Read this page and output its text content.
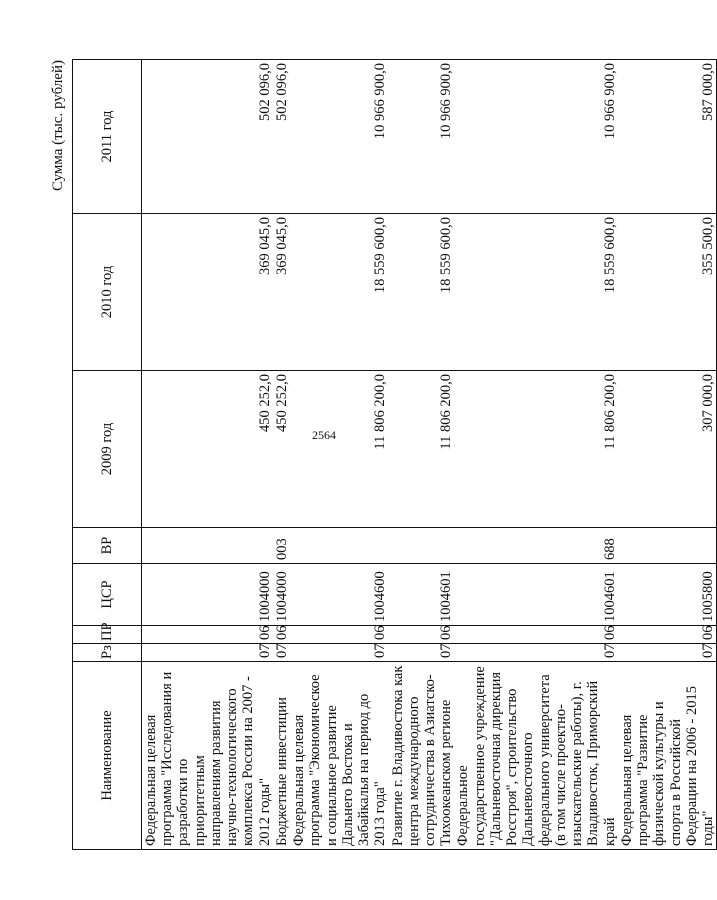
2564
Сумма (тыс. рублей)
Наименование	Рз	ПР	ЦСР	ВР	2009 год	2010 год	2011 год
Федеральная целевая программа "Исследования и разработки по приоритетным направлениям развития научно-технологического комплекса России на 2007 - 2012 годы"	07	06	1004000		450 252,0	369 045,0	502 096,0
Бюджетные инвестиции	07	06	1004000	003	450 252,0	369 045,0	502 096,0
Федеральная целевая программа "Экономическое и социальное развитие Дальнего Востока и Забайкалья на период до 2013 года"	07	06	1004600		11 806 200,0	18 559 600,0	10 966 900,0
Развитие г. Владивостока как центра международного сотрудничества в Азиатско-Тихоокеанском регионе	07	06	1004601		11 806 200,0	18 559 600,0	10 966 900,0
Федеральное государственное учреждение "Дальневосточная дирекция Росстроя", строительство Дальневосточного федерального университета (в том числе проектно-изыскательские работы), г. Владивосток, Приморский край	07	06	1004601	688	11 806 200,0	18 559 600,0	10 966 900,0
Федеральная целевая программа "Развитие физической культуры и спорта в Российской Федерации на 2006 - 2015 годы"	07	06	1005800		307 000,0	355 500,0	587 000,0
